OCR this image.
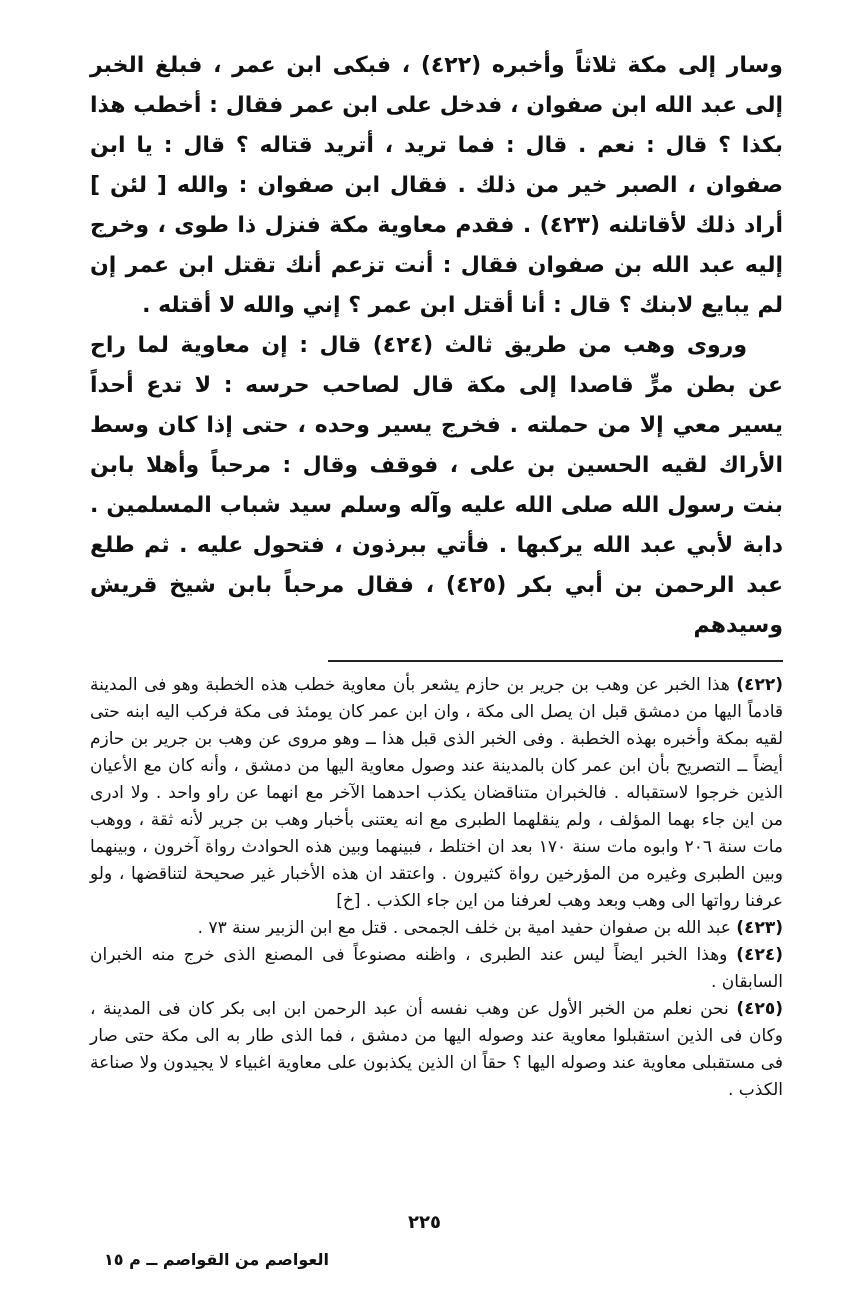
وسار إلى مكة ثلاثاً وأخبره (٤٢٢) ، فبكى ابن عمر ، فبلغ الخبر إلى عبد الله ابن صفوان ، فدخل على ابن عمر فقال : أخطب هذا بكذا ؟ قال : نعم . قال : فما تريد ، أتريد قتاله ؟ قال : يا ابن صفوان ، الصبر خير من ذلك . فقال ابن صفوان : والله [ لئن ] أراد ذلك لأقاتلنه (٤٢٣) . فقدم معاوية مكة فنزل ذا طوى ، وخرج إليه عبد الله بن صفوان فقال : أنت تزعم أنك تقتل ابن عمر إن لم يبايع لابنك ؟ قال : أنا أقتل ابن عمر ؟ إني والله لا أقتله .

وروى وهب من طريق ثالث (٤٢٤) قال : إن معاوية لما راح عن بطن مرٍّ قاصدا إلى مكة قال لصاحب حرسه : لا تدع أحداً يسير معي إلا من حملته . فخرج يسير وحده ، حتى إذا كان وسط الأراك لقيه الحسين بن على ، فوقف وقال : مرحباً وأهلا بابن بنت رسول الله صلى الله عليه وآله وسلم سيد شباب المسلمين . دابة لأبي عبد الله يركبها . فأتي ببرذون ، فتحول عليه . ثم طلع عبد الرحمن بن أبي بكر (٤٢٥) ، فقال مرحباً بابن شيخ قريش وسيدهم

(٤٢٢) هذا الخبر عن وهب بن جرير بن حازم يشعر بأن معاوية خطب هذه الخطبة وهو فى المدينة قادماً اليها من دمشق قبل ان يصل الى مكة ، وان ابن عمر كان يومئذ فى مكة فركب اليه ابنه حتى لقيه بمكة وأخبره بهذه الخطبة . وفى الخبر الذى قبل هذا ــ وهو مروى عن وهب بن جرير بن حازم أيضاً ــ التصريح بأن ابن عمر كان بالمدينة عند وصول معاوية اليها من دمشق ، وأنه كان مع الأعيان الذين خرجوا لاستقباله . فالخبران متناقضان يكذب احدهما الآخر مع انهما عن راو واحد . ولا ادرى من اين جاء بهما المؤلف ، ولم ينقلهما الطبرى مع انه يعتنى بأخبار وهب بن جرير لأنه ثقة ، ووهب مات سنة ٢٠٦ وابوه مات سنة ١٧٠ بعد ان اختلط ، فبينهما وبين هذه الحوادث رواة آخرون ، وبينهما وبين الطبرى وغيره من المؤرخين رواة كثيرون . واعتقد ان هذه الأخبار غير صحيحة لتناقضها ، ولو عرفنا رواتها الى وهب وبعد وهب لعرفنا من اين جاء الكذب . [خ]

(٤٢٣) عبد الله بن صفوان حفيد امية بن خلف الجمحى . قتل مع ابن الزبير سنة ٧٣ .

(٤٢٤) وهذا الخبر ايضاً ليس عند الطبرى ، واظنه مصنوعاً فى المصنع الذى خرج منه الخبران السابقان .

(٤٢٥) نحن نعلم من الخبر الأول عن وهب نفسه أن عبد الرحمن ابن ابى بكر كان فى المدينة ، وكان فى الذين استقبلوا معاوية عند وصوله اليها من دمشق ، فما الذى طار به الى مكة حتى صار فى مستقبلى معاوية عند وصوله اليها ؟ حقاً ان الذين يكذبون على معاوية اغبياء لا يجيدون ولا صناعة الكذب .

٢٢٥
العواصم من القواصم ــ م ١٥
